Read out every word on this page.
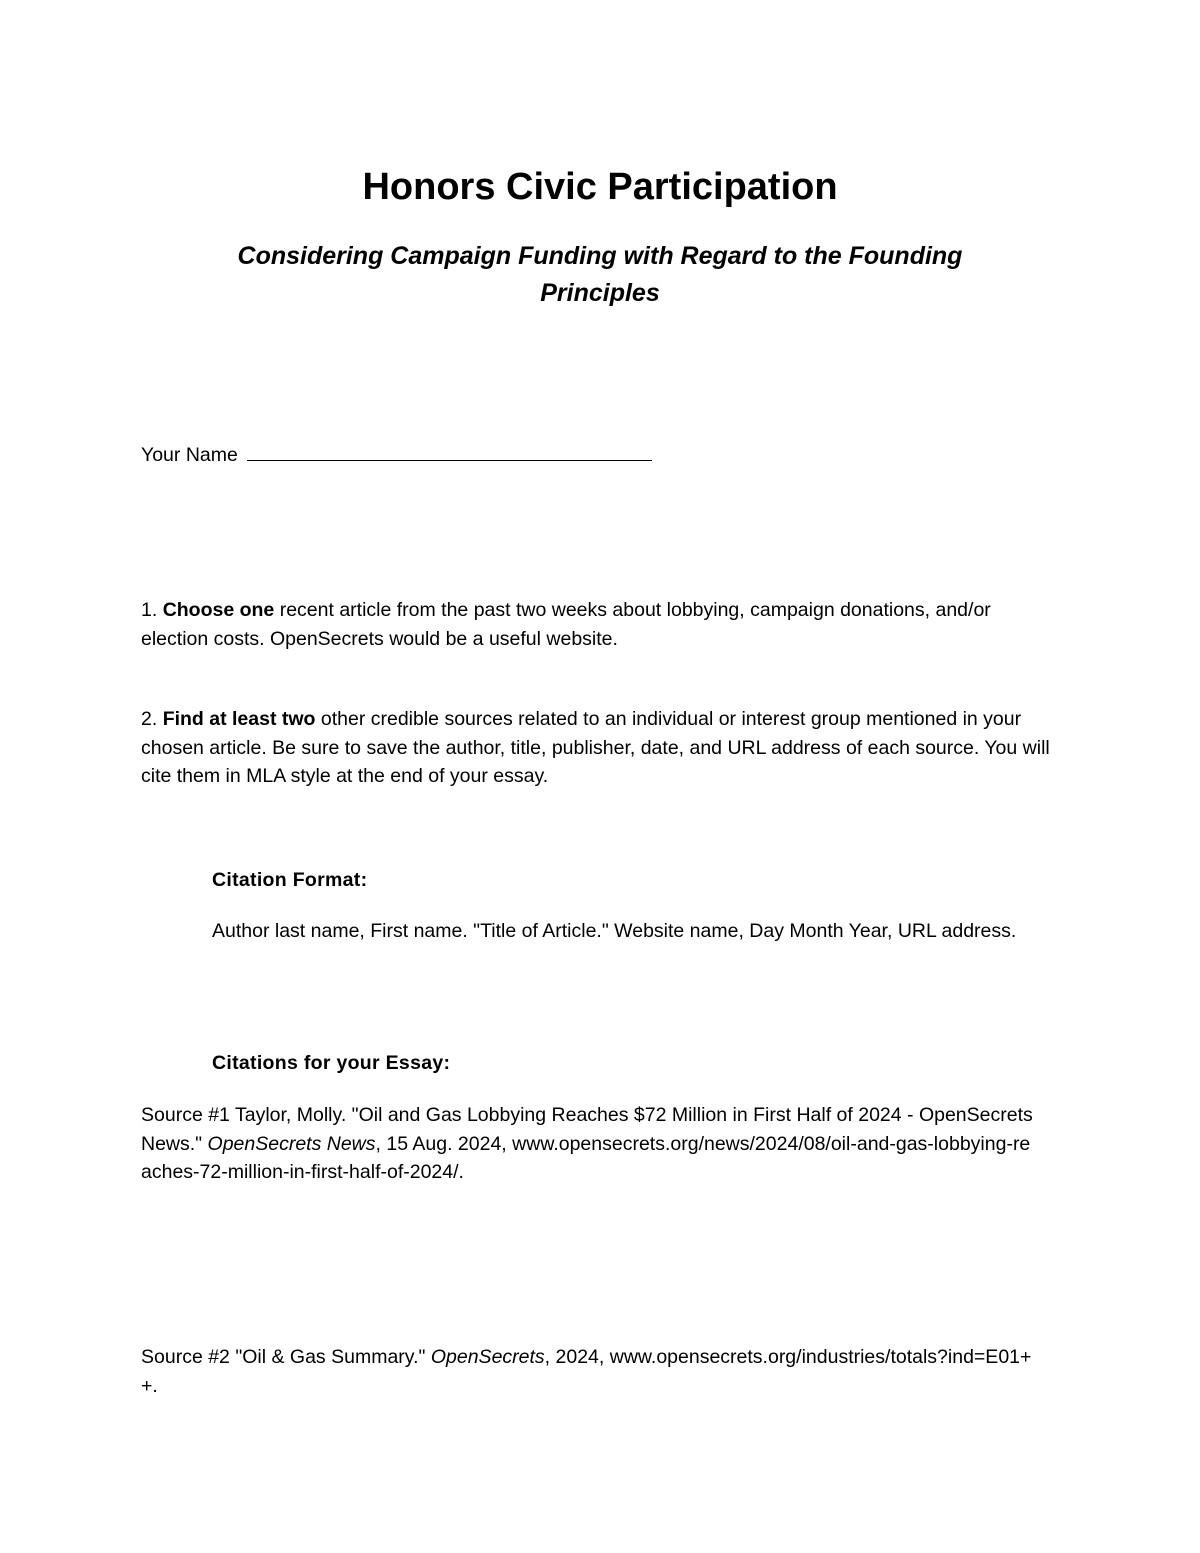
Honors Civic Participation
Considering Campaign Funding with Regard to the Founding Principles
Your Name

1. Choose one recent article from the past two weeks about lobbying, campaign donations, and/or election costs. OpenSecrets would be a useful website.

2. Find at least two other credible sources related to an individual or interest group mentioned in your chosen article. Be sure to save the author, title, publisher, date, and URL address of each source. You will cite them in MLA style at the end of your essay.

Citation Format:

Author last name, First name. "Title of Article." Website name, Day Month Year, URL address.

Citations for your Essay:

Source #1 Taylor, Molly. "Oil and Gas Lobbying Reaches $72 Million in First Half of 2024 - OpenSecrets News." OpenSecrets News, 15 Aug. 2024, www.opensecrets.org/news/2024/08/oil-and-gas-lobbying-reaches-72-million-in-first-half-of-2024/.

Source #2 "Oil & Gas Summary." OpenSecrets, 2024, www.opensecrets.org/industries/totals?ind=E01++.
